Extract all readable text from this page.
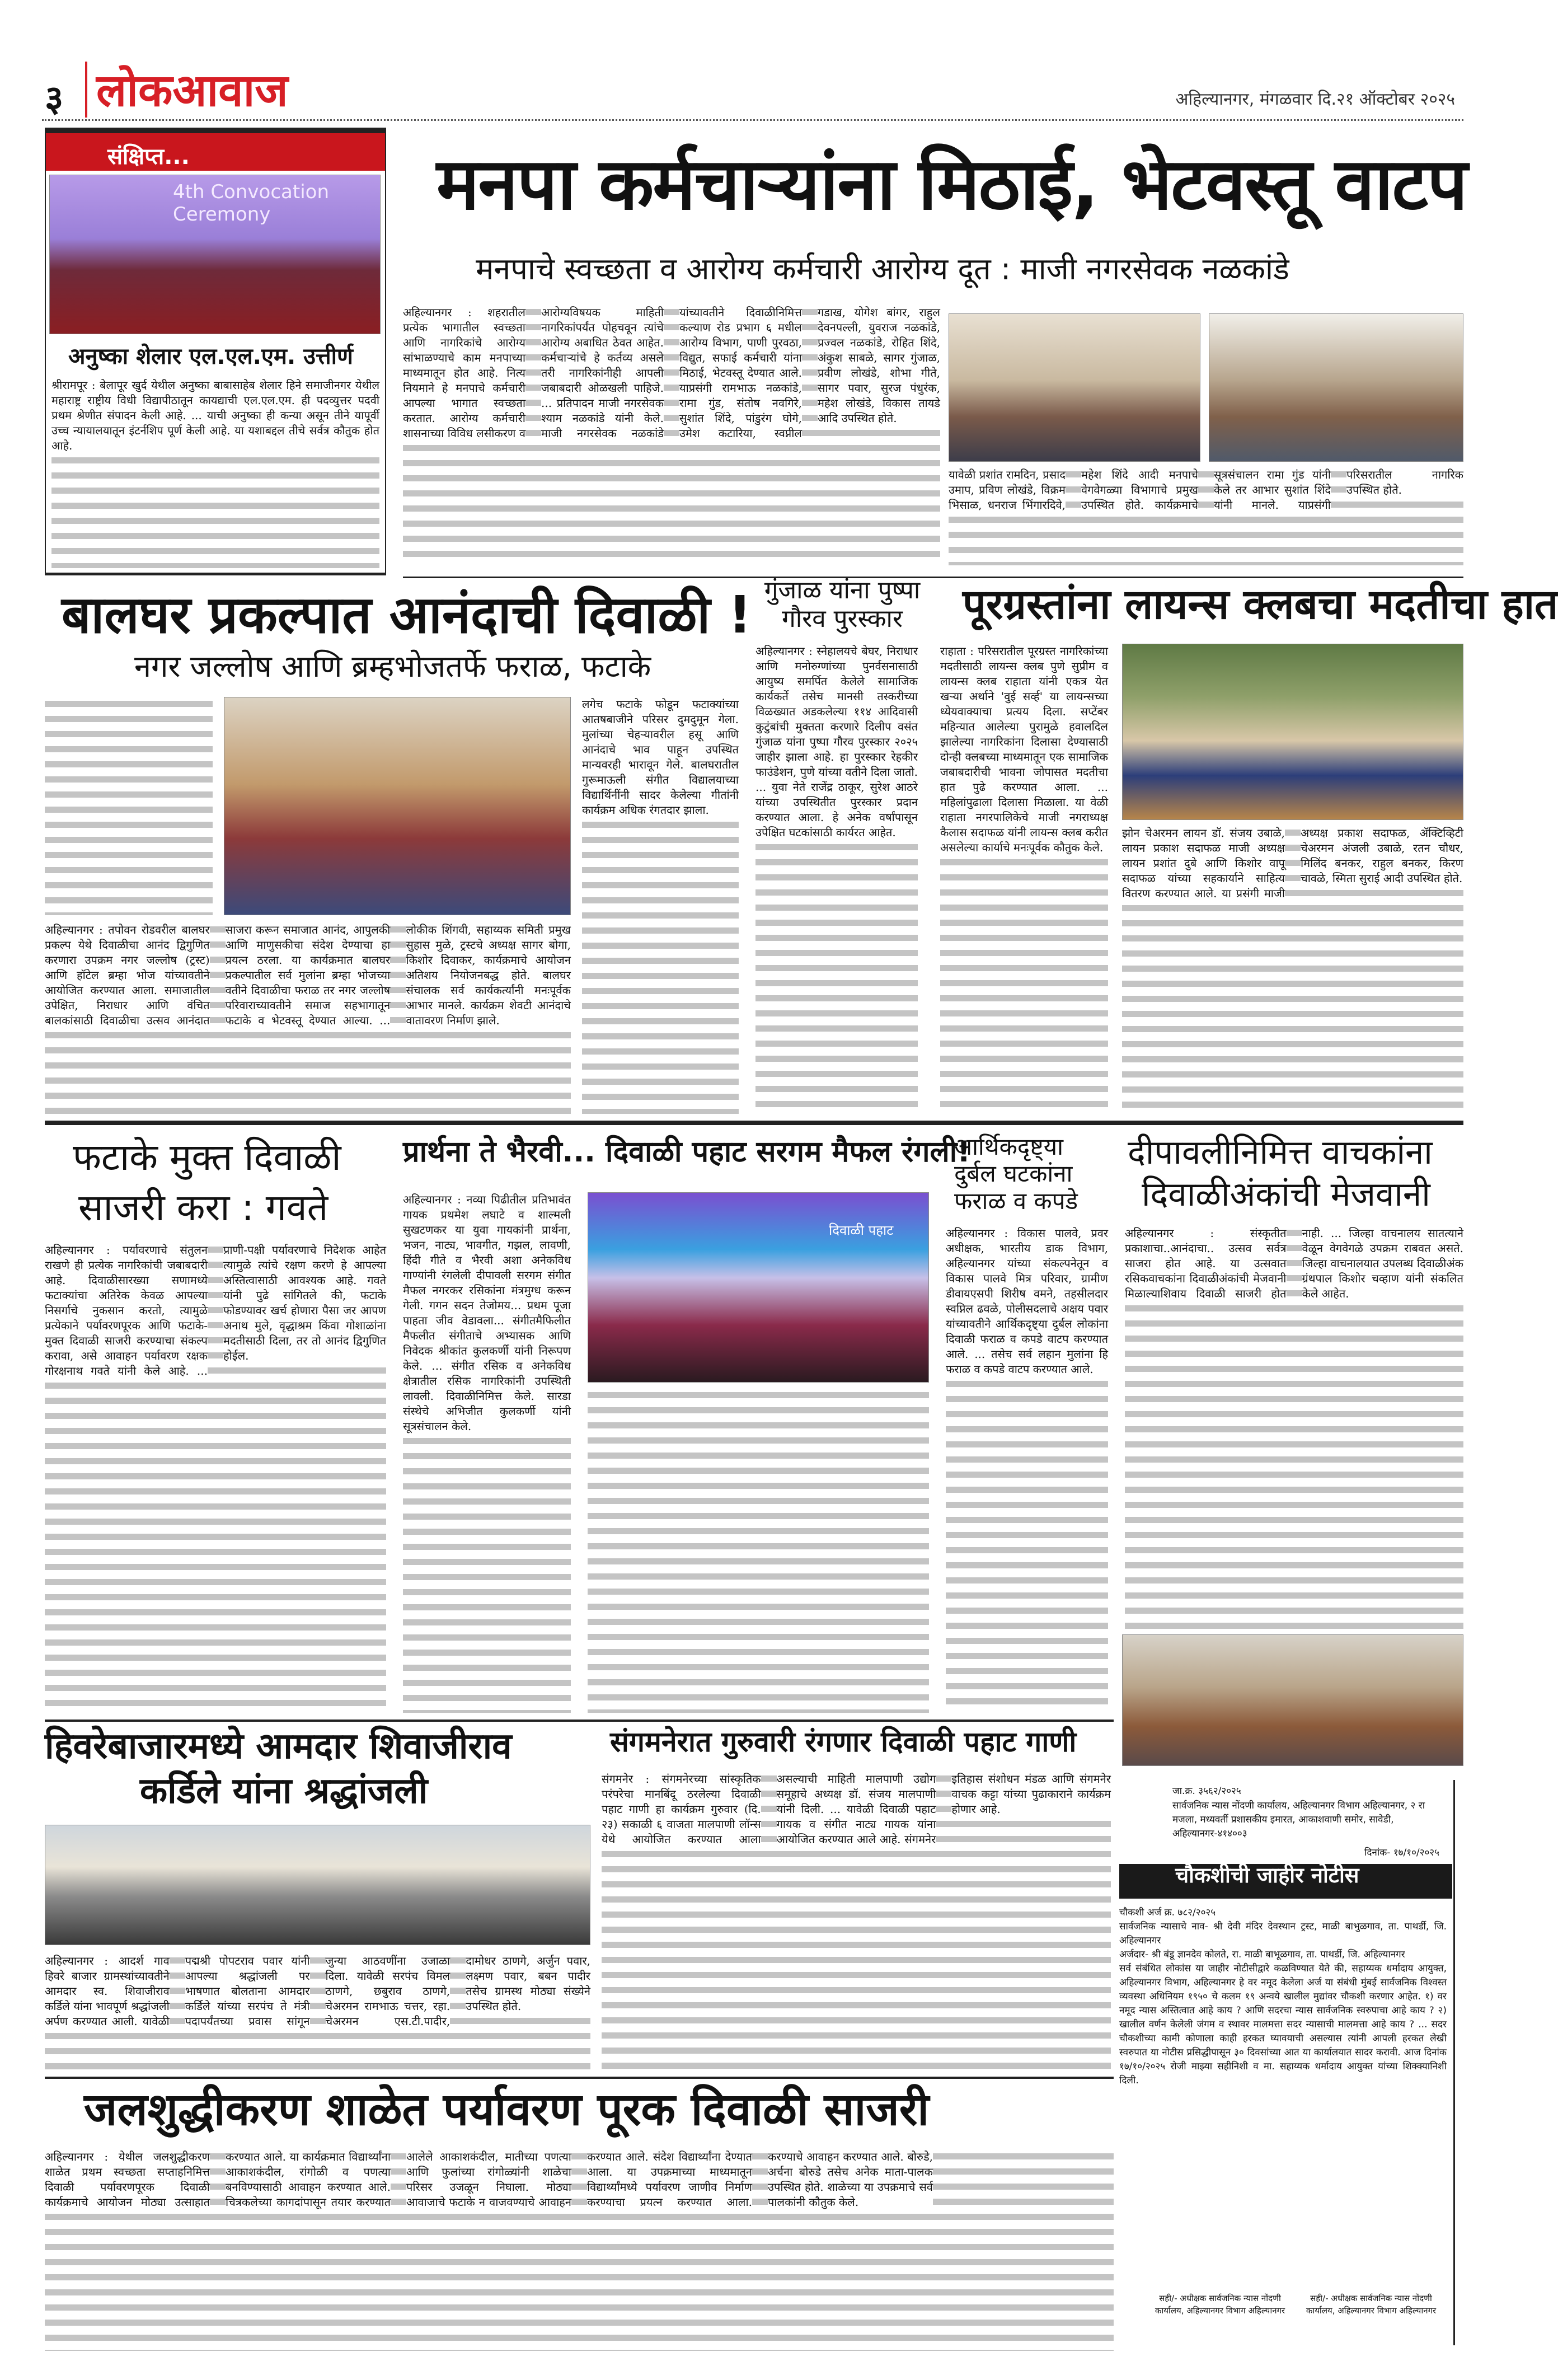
३ लोकआवाज	अहिल्यानगर, मंगळवार दि.२१ ऑक्टोबर २०२५
संक्षिप्त...
4th Convocation Ceremony
अनुष्का शेलार एल.एल.एम. उत्तीर्ण

श्रीरामपूर : बेलापूर खुर्द येथील अनुष्का बाबासाहेब शेलार हिने समाजीनगर येथील महाराष्ट्र राष्ट्रीय विधी विद्यापीठातून कायद्याची एल.एल.एम. ही पदव्युत्तर पदवी प्रथम श्रेणीत संपादन केली आहे. ... याची अनुष्का ही कन्या असून तीने यापूर्वी उच्च न्यायालयातून इंटर्नशिप पूर्ण केली आहे. या यशाबद्दल तीचे सर्वत्र कौतुक होत आहे.

मनपा कर्मचाऱ्यांना मिठाई, भेटवस्तू वाटप
मनपाचे स्वच्छता व आरोग्य कर्मचारी आरोग्य दूत : माजी नगरसेवक नळकांडे

अहिल्यानगर : शहरातील प्रत्येक भागातील स्वच्छता आणि नागरिकांचे आरोग्य सांभाळण्याचे काम मनपाच्या माध्यमातून होत आहे. नित्य नियमाने हे मनपाचे कर्मचारी आपल्या भागात स्वच्छता करतात. आरोग्य कर्मचारी शासनाच्या विविध लसीकरण व आरोग्यविषयक माहिती नागरिकांपर्यंत पोहचवून त्यांचे आरोग्य अबाधित ठेवत आहेत. कर्मचाऱ्यांचे हे कर्तव्य असले तरी नागरिकांनीही आपली जबाबदारी ओळखली पाहिजे. ... प्रतिपादन माजी नगरसेवक श्याम नळकांडे यांनी केले. माजी नगरसेवक नळकांडे यांच्यावतीने दिवाळीनिमित्त कल्याण रोड प्रभाग ६ मधील आरोग्य विभाग, पाणी पुरवठा, विद्युत, सफाई कर्मचारी यांना मिठाई, भेटवस्तू देण्यात आले. याप्रसंगी रामभाऊ नळकांडे, रामा गुंड, संतोष नवगिरे, सुशांत शिंदे, पांडुरंग घोगे, उमेश कटारिया, स्वप्नील गडाख, योगेश बांगर, राहुल देवनपल्ली, युवराज नळकांडे, प्रज्वल नळकांडे, रोहित शिंदे, अंकुश साबळे, सागर गुंजाळ, प्रवीण लोखंडे, शोभा गीते, सागर पवार, सुरज पंधुरंक, महेश लोखंडे, विकास तायडे आदि उपस्थित होते.

यावेळी प्रशांत रामदिन, प्रसाद उमाप, प्रविण लोखंडे, विक्रम भिसाळ, धनराज भिंगारदिवे, महेश शिंदे आदी मनपाचे वेगवेगळ्या विभागाचे प्रमुख उपस्थित होते. कार्यक्रमाचे सूत्रसंचालन रामा गुंड यांनी केले तर आभार सुशांत शिंदे यांनी मानले. याप्रसंगी परिसरातील नागरिक उपस्थित होते.

बालघर प्रकल्पात आनंदाची दिवाळी !
नगर जल्लोष आणि ब्रम्हभोजतर्फे फराळ, फटाके

अहिल्यानगर : तपोवन रोडवरील बालघर प्रकल्प येथे दिवाळीचा आनंद द्विगुणित करणारा उपक्रम नगर जल्लोष (ट्रस्ट) आणि हॉटेल ब्रम्हा भोज यांच्यावतीने आयोजित करण्यात आला. समाजातील उपेक्षित, निराधार आणि वंचित बालकांसाठी दिवाळीचा उत्सव आनंदात साजरा करून समाजात आनंद, आपुलकी आणि माणुसकीचा संदेश देण्याचा हा प्रयत्न ठरला. या कार्यक्रमात बालघर प्रकल्पातील सर्व मुलांना ब्रम्हा भोजच्या वतीने दिवाळीचा फराळ तर नगर जल्लोष परिवाराच्यावतीने समाज सहभागातून फटाके व भेटवस्तू देण्यात आल्या. ... लोकीक शिंगवी, सहाय्यक समिती प्रमुख सुहास मुळे, ट्रस्टचे अध्यक्ष सागर बोगा, किशोर दिवाकर, कार्यक्रमाचे आयोजन अतिशय नियोजनबद्ध होते. बालघर संचालक सर्व कार्यकर्त्यांनी मनःपूर्वक आभार मानले. कार्यक्रम शेवटी आनंदाचे वातावरण निर्माण झाले.

लगेच फटाके फोडून फटाक्यांच्या आतषबाजीने परिसर दुमदुमून गेला. मुलांच्या चेहऱ्यावरील हसू आणि आनंदाचे भाव पाहून उपस्थित मान्यवरही भारावून गेले. बालघरातील गुरूमाऊली संगीत विद्यालयाच्या विद्यार्थिनींनी सादर केलेल्या गीतांनी कार्यक्रम अधिक रंगतदार झाला.

गुंजाळ यांना पुष्पा गौरव पुरस्कार

अहिल्यानगर : स्नेहालयचे बेघर, निराधार आणि मनोरुग्णांच्या पुनर्वसनासाठी आयुष्य समर्पित केलेले सामाजिक कार्यकर्ते तसेच मानसी तस्करीच्या विळख्यात अडकलेल्या ११४ आदिवासी कुटुंबांची मुक्तता करणारे दिलीप वसंत गुंजाळ यांना पुष्पा गौरव पुरस्कार २०२५ जाहीर झाला आहे. हा पुरस्कार रेहकीर फाउंडेशन, पुणे यांच्या वतीने दिला जातो. ... युवा नेते राजेंद्र ठाकूर, सुरेश आठरे यांच्या उपस्थितीत पुरस्कार प्रदान करण्यात आला. हे अनेक वर्षांपासून उपेक्षित घटकांसाठी कार्यरत आहेत.

पूरग्रस्तांना लायन्स क्लबचा मदतीचा हात

राहाता : परिसरातील पूरग्रस्त नागरिकांच्या मदतीसाठी लायन्स क्लब पुणे सुप्रीम व लायन्स क्लब राहाता यांनी एकत्र येत खऱ्या अर्थाने 'वुई सर्व्ह' या लायन्सच्या ध्येयवाक्याचा प्रत्यय दिला. सप्टेंबर महिन्यात आलेल्या पुरामुळे हवालदिल झालेल्या नागरिकांना दिलासा देण्यासाठी दोन्ही क्लबच्या माध्यमातून एक सामाजिक जबाबदारीची भावना जोपासत मदतीचा हात पुढे करण्यात आला. ... महिलांपुढाला दिलासा मिळाला. या वेळी राहाता नगरपालिकेचे माजी नगराध्यक्ष कैलास सदाफळ यांनी लायन्स क्लब करीत असलेल्या कार्याचे मनःपूर्वक कौतुक केले.

झोन चेअरमन लायन डॉ. संजय उबाळे, लायन प्रकाश सदाफळ माजी अध्यक्ष लायन प्रशांत दुबे आणि किशोर वापू सदाफळ यांच्या सहकार्याने साहित्य वितरण करण्यात आले. या प्रसंगी माजी अध्यक्ष प्रकाश सदाफळ, ॲक्टिव्हिटी चेअरमन अंजली उबाळे, रतन चौधर, मिलिंद बनकर, राहुल बनकर, किरण चावळे, स्मिता सुराई आदी उपस्थित होते.

फटाके मुक्त दिवाळी
साजरी करा : गवते

अहिल्यानगर : पर्यावरणाचे संतुलन राखणे ही प्रत्येक नागरिकांची जबाबदारी आहे. दिवाळीसारख्या सणामध्ये फटाक्यांचा अतिरेक केवळ आपल्या निसर्गाचे नुकसान करतो, त्यामुळे प्रत्येकाने पर्यावरणपूरक आणि फटाके-मुक्त दिवाळी साजरी करण्याचा संकल्प करावा, असे आवाहन पर्यावरण रक्षक गोरक्षनाथ गवते यांनी केले आहे. ... प्राणी-पक्षी पर्यावरणाचे निदेशक आहेत त्यामुळे त्यांचे रक्षण करणे हे आपल्या अस्तित्वासाठी आवश्यक आहे. गवते यांनी पुढे सांगितले की, फटाके फोडण्यावर खर्च होणारा पैसा जर आपण अनाथ मुले, वृद्धाश्रम किंवा गोशाळांना मदतीसाठी दिला, तर तो आनंद द्विगुणित होईल.

प्रार्थना ते भैरवी... दिवाळी पहाट सरगम मैफल रंगली!
दिवाळी पहाट

अहिल्यानगर : नव्या पिढीतील प्रतिभावंत गायक प्रथमेश लघाटे व शाल्मली सुखटणकर या युवा गायकांनी प्रार्थना, भजन, नाट्य, भावगीत, गझल, लावणी, हिंदी गीते व भैरवी अशा अनेकविध गाण्यांनी रंगलेली दीपावली सरगम संगीत मैफल नगरकर रसिकांना मंत्रमुग्ध करून गेली. गगन सदन तेजोमय... प्रथम पूजा पाहता जीव वेडावला... संगीतमैफिलीत मैफलीत संगीताचे अभ्यासक आणि निवेदक श्रीकांत कुलकर्णी यांनी निरूपण केले. ... संगीत रसिक व अनेकविध क्षेत्रातील रसिक नागरिकांनी उपस्थिती लावली. दिवाळीनिमित्त केले. सारडा संस्थेचे अभिजीत कुलकर्णी यांनी सूत्रसंचालन केले.

आर्थिकदृष्ट्या दुर्बल घटकांना फराळ व कपडे

अहिल्यानगर : विकास पालवे, प्रवर अधीक्षक, भारतीय डाक विभाग, अहिल्यानगर यांच्या संकल्पनेतून व विकास पालवे मित्र परिवार, ग्रामीण डीवायएसपी शिरीष वमने, तहसीलदार स्वप्निल ढवळे, पोलीसदलाचे अक्षय पवार यांच्यावतीने आर्थिकदृष्ट्या दुर्बल लोकांना दिवाळी फराळ व कपडे वाटप करण्यात आले. ... तसेच सर्व लहान मुलांना हि फराळ व कपडे वाटप करण्यात आले.

दीपावलीनिमित्त वाचकांना
दिवाळीअंकांची मेजवानी

अहिल्यानगर : संस्कृतीत प्रकाशाचा..आनंदाचा.. उत्सव सर्वत्र साजरा होत आहे. या उत्सवात रसिकवाचकांना दिवाळीअंकांची मेजवानी मिळाल्याशिवाय दिवाळी साजरी होत नाही. ... जिल्हा वाचनालय सातत्याने वेळून वेगवेगळे उपक्रम राबवत असते. जिल्हा वाचनालयात उपलब्ध दिवाळीअंक ग्रंथपाल किशोर चव्हाण यांनी संकलित केले आहेत.

हिवरेबाजारमध्ये आमदार शिवाजीराव
कर्डिले यांना श्रद्धांजली

अहिल्यानगर : आदर्श गाव हिवरे बाजार ग्रामस्थांच्यावतीने आमदार स्व. शिवाजीराव कर्डिले यांना भावपूर्ण श्रद्धांजली अर्पण करण्यात आली. यावेळी पद्मश्री पोपटराव पवार यांनी आपल्या श्रद्धांजली पर भाषणात बोलताना आमदार कर्डिले यांच्या सरपंच ते मंत्री पदापर्यंतच्या प्रवास सांगून जुन्या आठवणींना उजाळा दिला. यावेळी सरपंच विमल ठाणगे, छबुराव ठाणगे, चेअरमन रामभाऊ चत्तर, रहा. चेअरमन एस.टी.पादीर, दामोधर ठाणगे, अर्जुन पवार, लक्ष्मण पवार, बबन पादीर तसेच ग्रामस्थ मोठ्या संख्येने उपस्थित होते.

संगमनेरात गुरुवारी रंगणार दिवाळी पहाट गाणी

संगमनेर : संगमनेरच्या सांस्कृतिक परंपरेचा मानबिंदू ठरलेल्या दिवाळी पहाट गाणी हा कार्यक्रम गुरुवार (दि. २३) सकाळी ६ वाजता मालपाणी लॉन्स येथे आयोजित करण्यात आला असल्याची माहिती मालपाणी उद्योग समूहाचे अध्यक्ष डॉ. संजय मालपाणी यांनी दिली. ... यावेळी दिवाळी पहाट गायक व संगीत नाट्य गायक यांना आयोजित करण्यात आले आहे. संगमनेर इतिहास संशोधन मंडळ आणि संगमनेर वाचक कट्टा यांच्या पुढाकाराने कार्यक्रम होणार आहे.

जा.क्र. ३५६२/२०२५
सार्वजनिक न्यास नोंदणी कार्यालय, अहिल्यानगर विभाग अहिल्यानगर, २ रा मजला, मध्यवर्ती प्रशासकीय इमारत, आकाशवाणी समोर, सावेडी, अहिल्यानगर-४१४००३
दिनांक- १७/१०/२०२५
चौकशीची जाहीर नोटीस
चौकशी अर्ज क्र. ७८२/२०२५
सार्वजनिक न्यासाचे नाव- श्री देवी मंदिर देवस्थान ट्रस्ट, माळी बाभुळगाव, ता. पाथर्डी, जि. अहिल्यानगर
अर्जदार- श्री बंडू ज्ञानदेव कोलते, रा. माळी बाभूळगाव, ता. पाथर्डी, जि. अहिल्यानगर
सर्व संबंधित लोकांस या जाहीर नोटीसीद्वारे कळविण्यात येते की, सहाय्यक धर्मादाय आयुक्त, अहिल्यानगर विभाग, अहिल्यानगर हे वर नमूद केलेला अर्ज या संबंधी मुंबई सार्वजनिक विश्वस्त व्यवस्था अधिनियम १९५० चे कलम १९ अन्वये खालील मुद्यांवर चौकशी करणार आहेत. १) वर नमूद न्यास अस्तित्वात आहे काय ? आणि सदरचा न्यास सार्वजनिक स्वरुपाचा आहे काय ? २) खालील वर्णन केलेली जंगम व स्थावर मालमत्ता सदर न्यासाची मालमत्ता आहे काय ? ... सदर चौकशीच्या कामी कोणाला काही हरकत घ्यावयाची असल्यास त्यांनी आपली हरकत लेखी स्वरुपात या नोटीस प्रसिद्धीपासून ३० दिवसांच्या आत या कार्यालयात सादर करावी. आज दिनांक १७/१०/२०२५ रोजी माझ्या सहीनिशी व मा. सहाय्यक धर्मादाय आयुक्त यांच्या शिक्क्यानिशी दिली.
सही/- अधीक्षक सार्वजनिक न्यास नोंदणी कार्यालय, अहिल्यानगर विभाग अहिल्यानगर
सही/- अधीक्षक सार्वजनिक न्यास नोंदणी कार्यालय, अहिल्यानगर विभाग अहिल्यानगर
जलशुद्धीकरण शाळेत पर्यावरण पूरक दिवाळी साजरी

अहिल्यानगर : येथील जलशुद्धीकरण शाळेत प्रथम स्वच्छता सप्ताहनिमित्त दिवाळी पर्यावरणपूरक दिवाळी कार्यक्रमाचे आयोजन मोठ्या उत्साहात करण्यात आले. या कार्यक्रमात विद्यार्थ्यांना आकाशकंदील, रांगोळी व पणत्या बनविण्यासाठी आवाहन करण्यात आले. चित्रकलेच्या कागदांपासून तयार करण्यात आलेले आकाशकंदील, मातीच्या पणत्या आणि फुलांच्या रांगोळ्यांनी शाळेचा परिसर उजळून निघाला. मोठ्या आवाजाचे फटाके न वाजवण्याचे आवाहन करण्यात आले. संदेश विद्यार्थ्यांना देण्यात आला. या उपक्रमाच्या माध्यमातून विद्यार्थ्यांमध्ये पर्यावरण जाणीव निर्माण करण्याचा प्रयत्न करण्यात आला. करण्याचे आवाहन करण्यात आले. बोरुडे, अर्चना बोरुडे तसेच अनेक माता-पालक उपस्थित होते. शाळेच्या या उपक्रमाचे सर्व पालकांनी कौतुक केले.
